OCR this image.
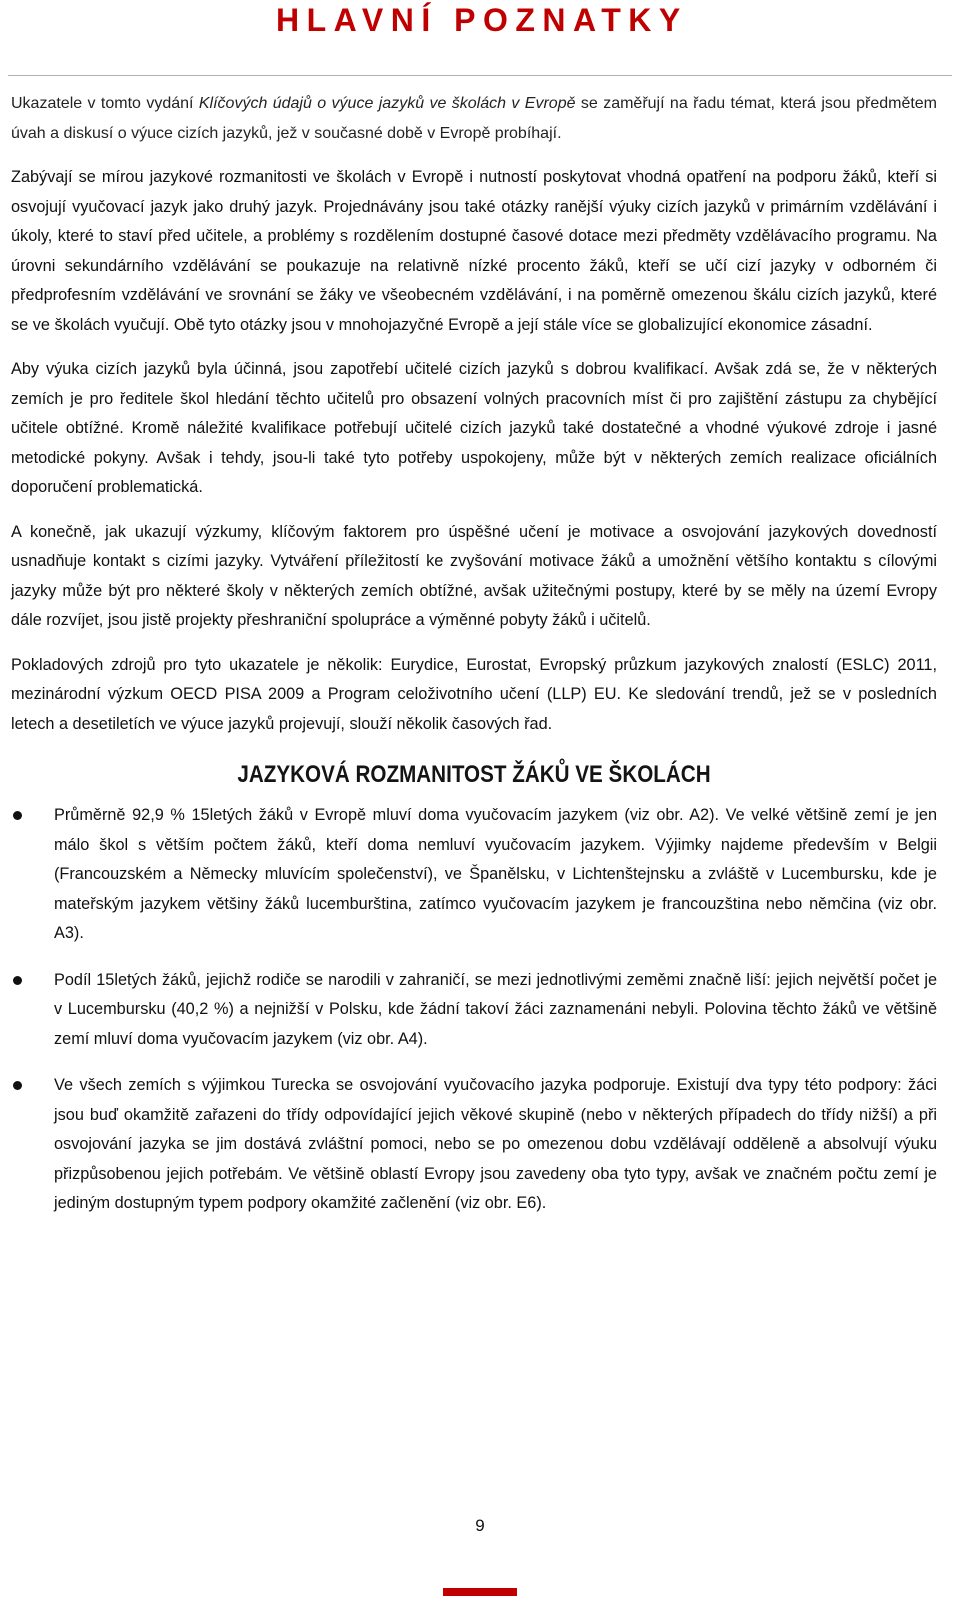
HLAVNÍ POZNATKY

Ukazatele v tomto vydání Klíčových údajů o výuce jazyků ve školách v Evropě se zaměřují na řadu témat, která jsou předmětem úvah a diskusí o výuce cizích jazyků, jež v současné době v Evropě probíhají.

Zabývají se mírou jazykové rozmanitosti ve školách v Evropě i nutností poskytovat vhodná opatření na podporu žáků, kteří si osvojují vyučovací jazyk jako druhý jazyk. Projednávány jsou také otázky ranější výuky cizích jazyků v primárním vzdělávání i úkoly, které to staví před učitele, a problémy s rozdělením dostupné časové dotace mezi předměty vzdělávacího programu. Na úrovni sekundárního vzdělávání se poukazuje na relativně nízké procento žáků, kteří se učí cizí jazyky v odborném či předprofesním vzdělávání ve srovnání se žáky ve všeobecném vzdělávání, i na poměrně omezenou škálu cizích jazyků, které se ve školách vyučují. Obě tyto otázky jsou v mnohojazyčné Evropě a její stále více se globalizující ekonomice zásadní.

Aby výuka cizích jazyků byla účinná, jsou zapotřebí učitelé cizích jazyků s dobrou kvalifikací. Avšak zdá se, že v některých zemích je pro ředitele škol hledání těchto učitelů pro obsazení volných pracovních míst či pro zajištění zástupu za chybějící učitele obtížné. Kromě náležité kvalifikace potřebují učitelé cizích jazyků také dostatečné a vhodné výukové zdroje i jasné metodické pokyny. Avšak i tehdy, jsou-li také tyto potřeby uspokojeny, může být v některých zemích realizace oficiálních doporučení problematická.

A konečně, jak ukazují výzkumy, klíčovým faktorem pro úspěšné učení je motivace a osvojování jazykových dovedností usnadňuje kontakt s cizími jazyky. Vytváření příležitostí ke zvyšování motivace žáků a umožnění většího kontaktu s cílovými jazyky může být pro některé školy v některých zemích obtížné, avšak užitečnými postupy, které by se měly na území Evropy dále rozvíjet, jsou jistě projekty přeshraniční spolupráce a výměnné pobyty žáků i učitelů.

Pokladových zdrojů pro tyto ukazatele je několik: Eurydice, Eurostat, Evropský průzkum jazykových znalostí (ESLC) 2011, mezinárodní výzkum OECD PISA 2009 a Program celoživotního učení (LLP) EU. Ke sledování trendů, jež se v posledních letech a desetiletích ve výuce jazyků projevují, slouží několik časových řad.

JAZYKOVÁ ROZMANITOST ŽÁKŮ VE ŠKOLÁCH

Průměrně 92,9 % 15letých žáků v Evropě mluví doma vyučovacím jazykem (viz obr. A2). Ve velké většině zemí je jen málo škol s větším počtem žáků, kteří doma nemluví vyučovacím jazykem. Výjimky najdeme především v Belgii (Francouzském a Německy mluvícím společenství), ve Španělsku, v Lichtenštejnsku a zvláště v Lucembursku, kde je mateřským jazykem většiny žáků lucemburština, zatímco vyučovacím jazykem je francouzština nebo němčina (viz obr. A3).

Podíl 15letých žáků, jejichž rodiče se narodili v zahraničí, se mezi jednotlivými zeměmi značně liší: jejich největší počet je v Lucembursku (40,2 %) a nejnižší v Polsku, kde žádní takoví žáci zaznamenáni nebyli. Polovina těchto žáků ve většině zemí mluví doma vyučovacím jazykem (viz obr. A4).

Ve všech zemích s výjimkou Turecka se osvojování vyučovacího jazyka podporuje. Existují dva typy této podpory: žáci jsou buď okamžitě zařazeni do třídy odpovídající jejich věkové skupině (nebo v některých případech do třídy nižší) a při osvojování jazyka se jim dostává zvláštní pomoci, nebo se po omezenou dobu vzdělávají odděleně a absolvují výuku přizpůsobenou jejich potřebám. Ve většině oblastí Evropy jsou zavedeny oba tyto typy, avšak ve značném počtu zemí je jediným dostupným typem podpory okamžité začlenění (viz obr. E6).

9
